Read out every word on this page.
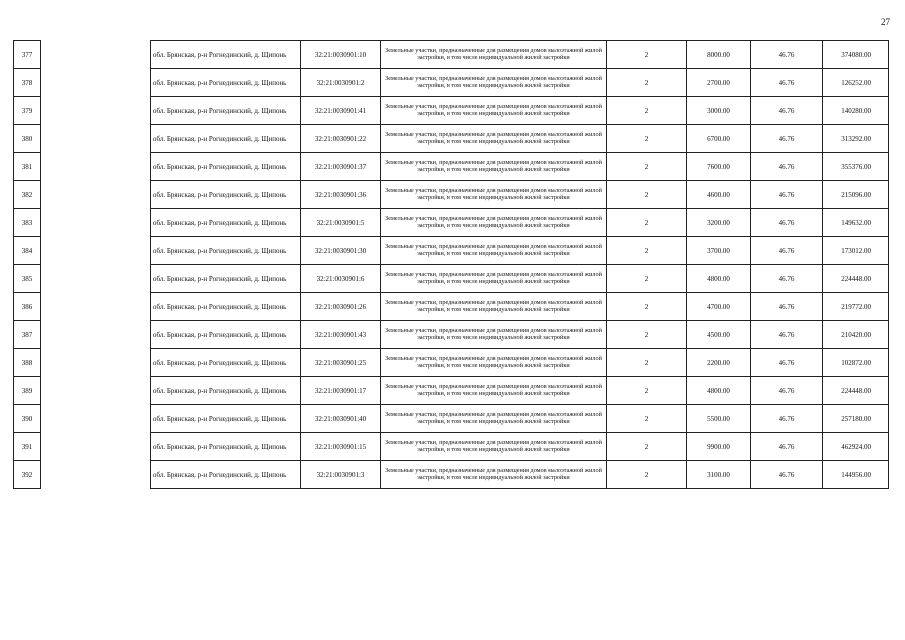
27
377		обл. Брянская, р-н Рогнединский, д. Щипонь	32:21:0030901:10	Земельные участки, предназначенные для размещения домов малоэтажной жилой застройки, в том числе индивидуальной жилой застройки	2	8000.00	46.76	374080.00
378		обл. Брянская, р-н Рогнединский, д. Щипонь	32:21:0030901:2	Земельные участки, предназначенные для размещения домов малоэтажной жилой застройки, в том числе индивидуальной жилой застройки	2	2700.00	46.76	126252.00
379		обл. Брянская, р-н Рогнединский, д. Щипонь	32:21:0030901:41	Земельные участки, предназначенные для размещения домов малоэтажной жилой застройки, в том числе индивидуальной жилой застройки	2	3000.00	46.76	140280.00
380		обл. Брянская, р-н Рогнединский, д. Щипонь	32:21:0030901:22	Земельные участки, предназначенные для размещения домов малоэтажной жилой застройки, в том числе индивидуальной жилой застройки	2	6700.00	46.76	313292.00
381		обл. Брянская, р-н Рогнединский, д. Щипонь	32:21:0030901:37	Земельные участки, предназначенные для размещения домов малоэтажной жилой застройки, в том числе индивидуальной жилой застройки	2	7600.00	46.76	355376.00
382		обл. Брянская, р-н Рогнединский, д. Щипонь	32:21:0030901:36	Земельные участки, предназначенные для размещения домов малоэтажной жилой застройки, в том числе индивидуальной жилой застройки	2	4600.00	46.76	215096.00
383		обл. Брянская, р-н Рогнединский, д. Щипонь	32:21:0030901:5	Земельные участки, предназначенные для размещения домов малоэтажной жилой застройки, в том числе индивидуальной жилой застройки	2	3200.00	46.76	149632.00
384		обл. Брянская, р-н Рогнединский, д. Щипонь	32:21:0030901:30	Земельные участки, предназначенные для размещения домов малоэтажной жилой застройки, в том числе индивидуальной жилой застройки	2	3700.00	46.76	173012.00
385		обл. Брянская, р-н Рогнединский, д. Щипонь	32:21:0030901:6	Земельные участки, предназначенные для размещения домов малоэтажной жилой застройки, в том числе индивидуальной жилой застройки	2	4800.00	46.76	224448.00
386		обл. Брянская, р-н Рогнединский, д. Щипонь	32:21:0030901:26	Земельные участки, предназначенные для размещения домов малоэтажной жилой застройки, в том числе индивидуальной жилой застройки	2	4700.00	46.76	219772.00
387		обл. Брянская, р-н Рогнединский, д. Щипонь	32:21:0030901:43	Земельные участки, предназначенные для размещения домов малоэтажной жилой застройки, в том числе индивидуальной жилой застройки	2	4500.00	46.76	210420.00
388		обл. Брянская, р-н Рогнединский, д. Щипонь	32:21:0030901:25	Земельные участки, предназначенные для размещения домов малоэтажной жилой застройки, в том числе индивидуальной жилой застройки	2	2200.00	46.76	102872.00
389		обл. Брянская, р-н Рогнединский, д. Щипонь	32:21:0030901:17	Земельные участки, предназначенные для размещения домов малоэтажной жилой застройки, в том числе индивидуальной жилой застройки	2	4800.00	46.76	224448.00
390		обл. Брянская, р-н Рогнединский, д. Щипонь	32:21:0030901:40	Земельные участки, предназначенные для размещения домов малоэтажной жилой застройки, в том числе индивидуальной жилой застройки	2	5500.00	46.76	257180.00
391		обл. Брянская, р-н Рогнединский, д. Щипонь	32:21:0030901:15	Земельные участки, предназначенные для размещения домов малоэтажной жилой застройки, в том числе индивидуальной жилой застройки	2	9900.00	46.76	462924.00
392		обл. Брянская, р-н Рогнединский, д. Щипонь	32:21:0030901:3	Земельные участки, предназначенные для размещения домов малоэтажной жилой застройки, в том числе индивидуальной жилой застройки	2	3100.00	46.76	144956.00
